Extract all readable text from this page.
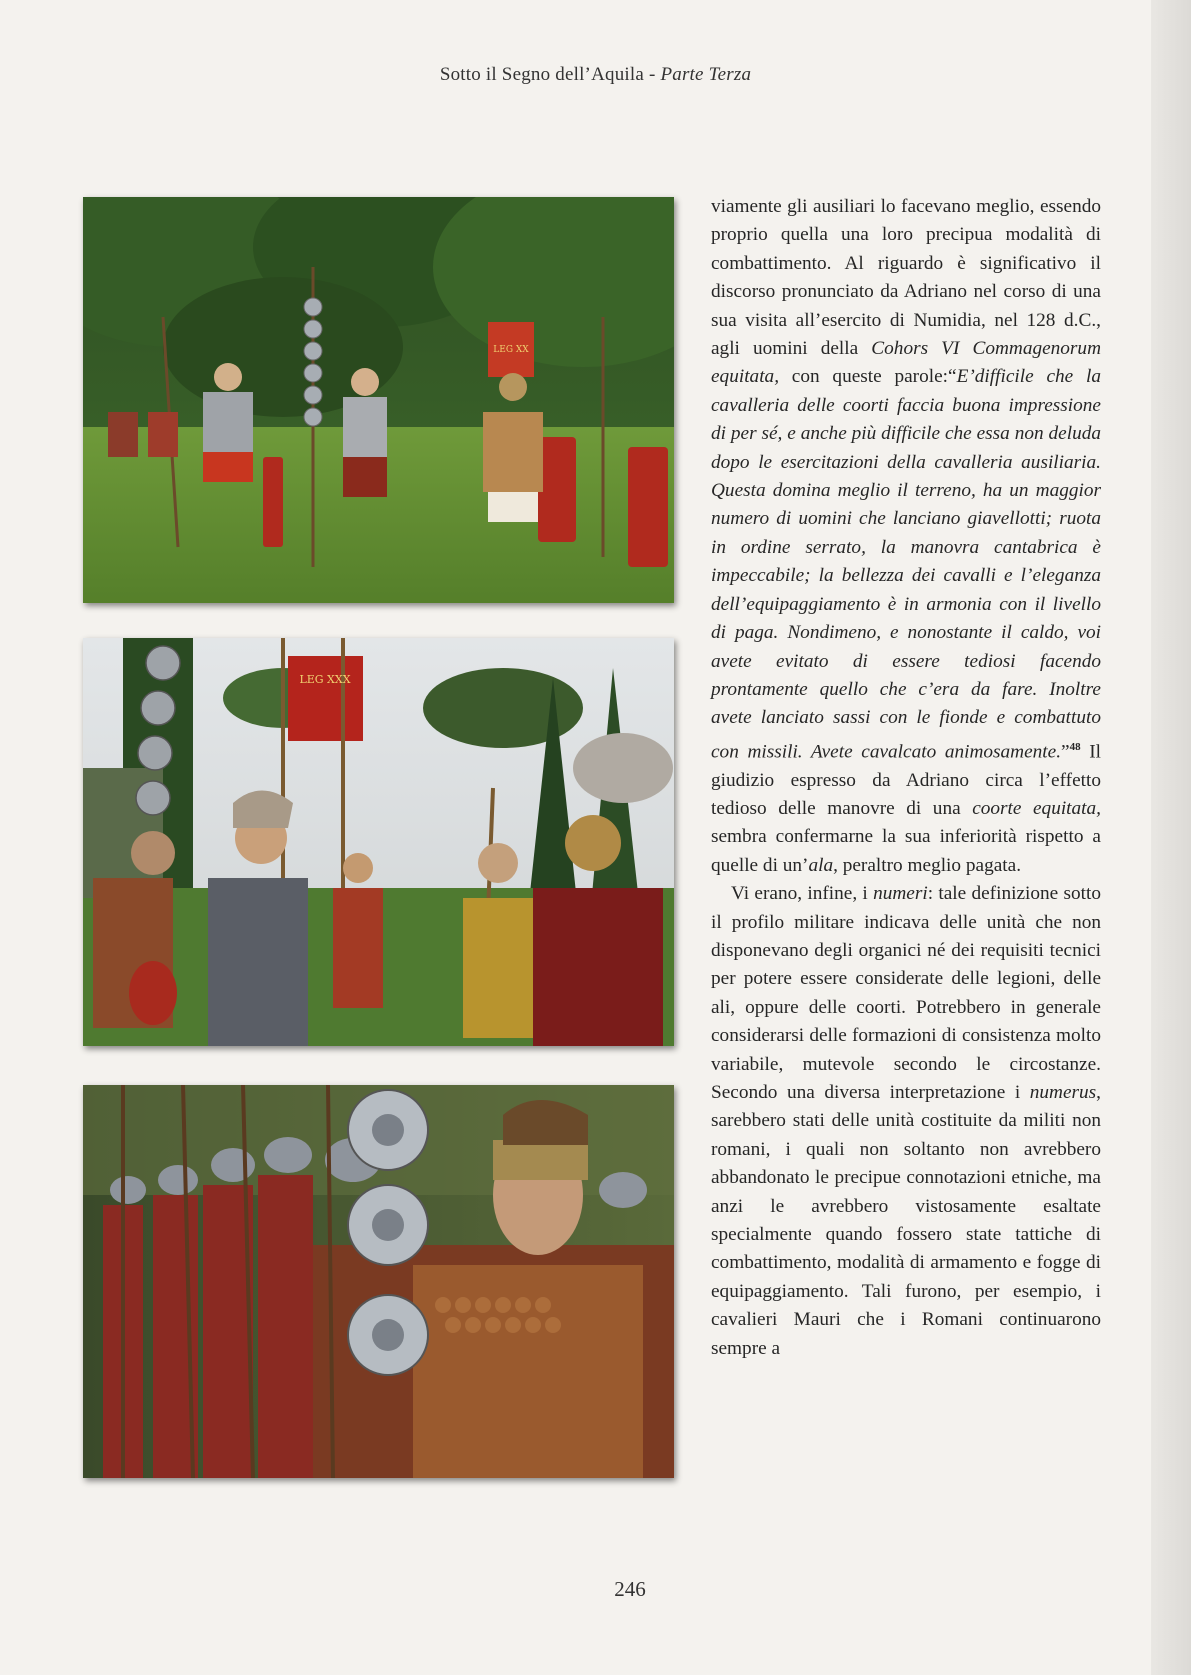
Sotto il Segno dell’Aquila - Parte Terza
LEG XX
LEG XXX

viamente gli ausiliari lo facevano meglio, essendo proprio quella una loro precipua modalità di combattimento. Al riguardo è significativo il discorso pronunciato da Adriano nel corso di una sua visita all’esercito di Numidia, nel 128 d.C., agli uomini della Cohors VI Commagenorum equitata, con queste parole:“E’difficile che la cavalleria delle coorti faccia buona impressione di per sé, e anche più difficile che essa non deluda dopo le esercitazioni della cavalleria ausiliaria. Questa domina meglio il terreno, ha un maggior numero di uomini che lanciano giavellotti; ruota in ordine serrato, la manovra cantabrica è impeccabile; la bellezza dei cavalli e l’eleganza dell’equipaggiamento è in armonia con il livello di paga. Nondimeno, e nonostante il caldo, voi avete evitato di essere tediosi facendo prontamente quello che c’era da fare. Inoltre avete lanciato sassi con le fionde e combattuto con missili. Avete cavalcato animosamente.”$^{48}$ Il giudizio espresso da Adriano circa l’effetto tedioso delle manovre di una coorte equitata, sembra confermarne la sua inferiorità rispetto a quelle di un’ala, peraltro meglio pagata.

Vi erano, infine, i numeri: tale definizione sotto il profilo militare indicava delle unità che non disponevano degli organici né dei requisiti tecnici per potere essere considerate delle legioni, delle ali, oppure delle coorti. Potrebbero in generale considerarsi delle formazioni di consistenza molto variabile, mutevole secondo le circostanze. Secondo una diversa interpretazione i numerus, sarebbero stati delle unità costituite da militi non romani, i quali non soltanto non avrebbero abbandonato le precipue connotazioni etniche, ma anzi le avrebbero vistosamente esaltate specialmente quando fossero state tattiche di combattimento, modalità di armamento e fogge di equipaggiamento. Tali furono, per esempio, i cavalieri Mauri che i Romani continuarono sempre a

246
